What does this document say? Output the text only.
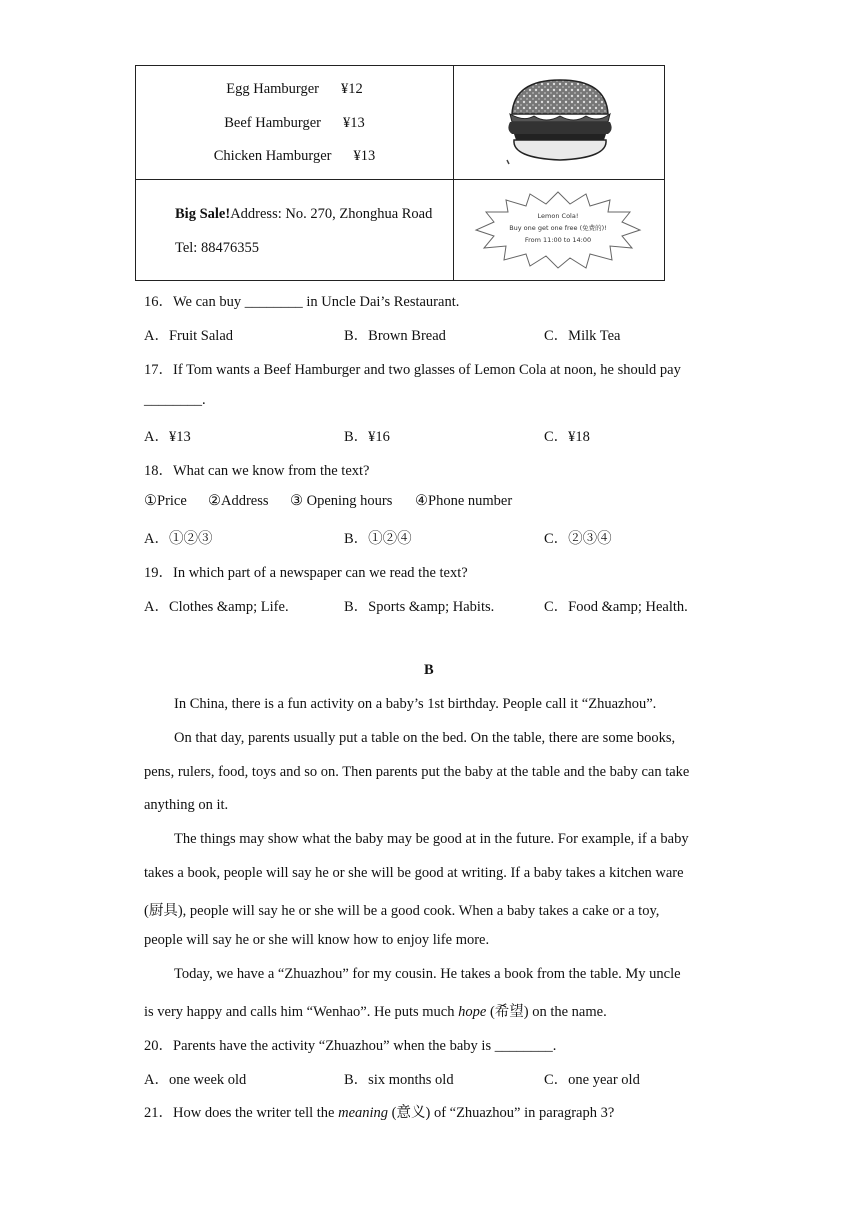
Egg Hamburger ¥12
Beef Hamburger ¥13
Chicken Hamburger ¥13
Big Sale!Address: No. 270, Zhonghua Road
Tel: 88476355
Lemon Cola!
Buy one get one free (免费的)!
From 11:00 to 14:00
16．We can buy ________ in Uncle Dai’s Restaurant.
A．Fruit Salad	B．Brown Bread	C．Milk Tea
17．If Tom wants a Beef Hamburger and two glasses of Lemon Cola at noon, he should pay
________.
A．¥13	B．¥16	C．¥18
18．What can we know from the text?
①Price ②Address ③ Opening hours ④Phone number
A．①②③	B．①②④	C．②③④
19．In which part of a newspaper can we read the text?
A．Clothes &amp; Life.	B．Sports &amp; Habits.	C．Food &amp; Health.
B
In China, there is a fun activity on a baby’s 1st birthday. People call it “Zhuazhou”.
On that day, parents usually put a table on the bed. On the table, there are some books,
pens, rulers, food, toys and so on. Then parents put the baby at the table and the baby can take
anything on it.
The things may show what the baby may be good at in the future. For example, if a baby
takes a book, people will say he or she will be good at writing. If a baby takes a kitchen ware
(厨具), people will say he or she will be a good cook. When a baby takes a cake or a toy,
people will say he or she will know how to enjoy life more.
Today, we have a “Zhuazhou” for my cousin. He takes a book from the table. My uncle
is very happy and calls him “Wenhao”. He puts much hope (希望) on the name.
20．Parents have the activity “Zhuazhou” when the baby is ________.
A．one week old	B．six months old	C．one year old
21．How does the writer tell the meaning (意义) of “Zhuazhou” in paragraph 3?
